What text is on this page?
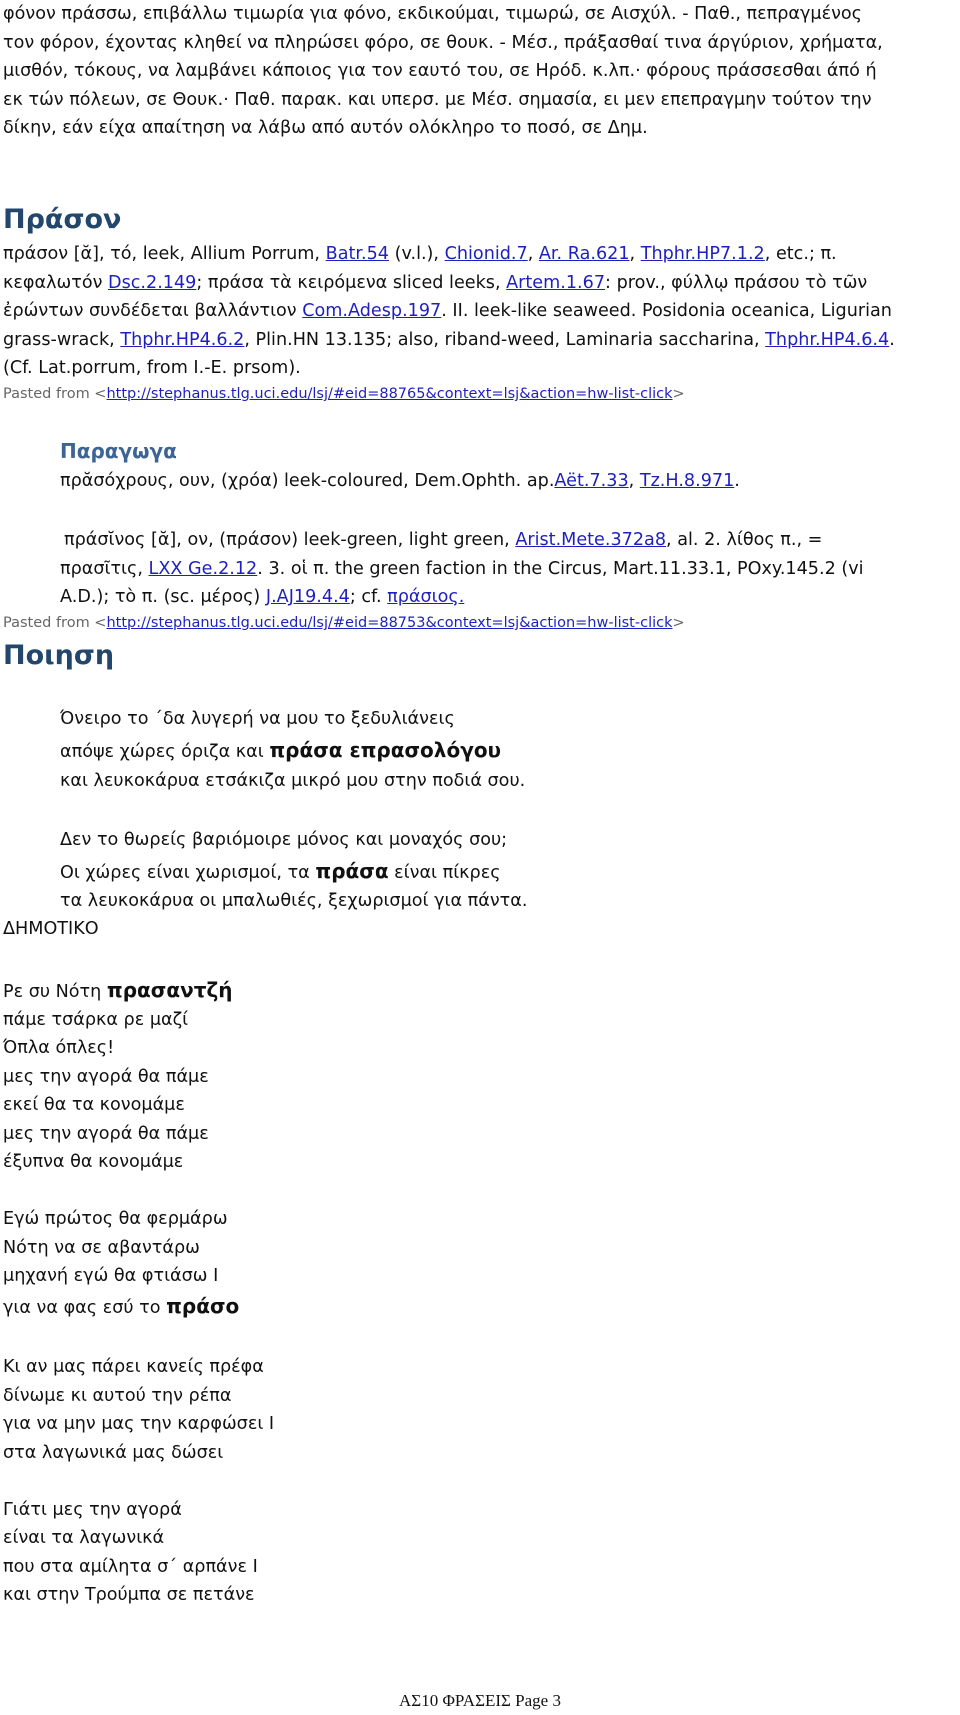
φόνον πράσσω, επιβάλλω τιμωρία για φόνο, εκδικούμαι, τιμωρώ, σε Αισχύλ. - Παθ., πεπραγμένος
τον φόρον, έχοντας κληθεί να πληρώσει φόρο, σε θουκ. - Μέσ., πράξασθαί τινα άργύριον, χρήματα,
μισθόν, τόκους, να λαμβάνει κάποιος για τον εαυτό του, σε Ηρόδ. κ.λπ.· φόρους πράσσεσθαι άπό ή
εκ τών πόλεων, σε Θουκ.· Παθ. παρακ. και υπερσ. με Μέσ. σημασία, ει μεν επεπραγμην τούτον την
δίκην, εάν είχα απαίτηση να λάβω από αυτόν ολόκληρο το ποσό, σε Δημ.
Πράσον
πράσον [ᾰ], τό, leek, Allium Porrum, Batr.54 (v.l.), Chionid.7, Ar. Ra.621, Thphr.HP7.1.2, etc.; π.
κεφαλωτόν Dsc.2.149; πράσα τὰ κειρόμενα sliced leeks, Artem.1.67: prov., φύλλῳ πράσου τὸ τῶν
ἐρώντων συνδέδεται βαλλάντιον Com.Adesp.197. II. leek-like seaweed. Posidonia oceanica, Ligurian
grass-wrack, Thphr.HP4.6.2, Plin.HN 13.135; also, riband-weed, Laminaria saccharina, Thphr.HP4.6.4.
(Cf. Lat.porrum, from I.-E. prsom).
Pasted from <http://stephanus.tlg.uci.edu/lsj/#eid=88765&context=lsj&action=hw-list-click>
Παραγωγα
πρᾰσόχρους, ουν, (χρόα) leek-coloured, Dem.Ophth. ap.Aët.7.33, Tz.H.8.971.
πράσῐνος [ᾰ], ον, (πράσον) leek-green, light green, Arist.Mete.372a8, al. 2. λίθος π., =
πρασῖτις, LXX Ge.2.12. 3. οἱ π. the green faction in the Circus, Mart.11.33.1, POxy.145.2 (vi
A.D.); τὸ π. (sc. μέρος) J.AJ19.4.4; cf. πράσιος.
Pasted from <http://stephanus.tlg.uci.edu/lsj/#eid=88753&context=lsj&action=hw-list-click>
Ποιηση
Όνειρο το ΄δα λυγερή να μου το ξεδυλιάνεις
απόψε χώρες όριζα και πράσα επρασολόγου
και λευκοκάρυα ετσάκιζα μικρό μου στην ποδιά σου.
Δεν το θωρείς βαριόμοιρε μόνος και μοναχός σου;
Οι χώρες είναι χωρισμοί, τα πράσα είναι πίκρες
τα λευκοκάρυα οι μπαλωθιές, ξεχωρισμοί για πάντα.
ΔΗΜΟΤΙΚΟ
Ρε συ Νότη πρασαντζή
πάμε τσάρκα ρε μαζί
Όπλα όπλες!
μες την αγορά θα πάμε
εκεί θα τα κονομάμε
μες την αγορά θα πάμε
έξυπνα θα κονομάμε
Εγώ πρώτος θα φερμάρω
Νότη να σε αβαντάρω
μηχανή εγώ θα φτιάσω Ι
για να φας εσύ το πράσο
Κι αν μας πάρει κανείς πρέφα
δίνωμε κι αυτού την ρέπα
για να μην μας την καρφώσει Ι
στα λαγωνικά μας δώσει
Γιάτι μες την αγορά
είναι τα λαγωνικά
που στα αμίλητα σ΄ αρπάνε Ι
και στην Τρούμπα σε πετάνε
ΑΣ10 ΦΡΑΣΕΙΣ Page 3
